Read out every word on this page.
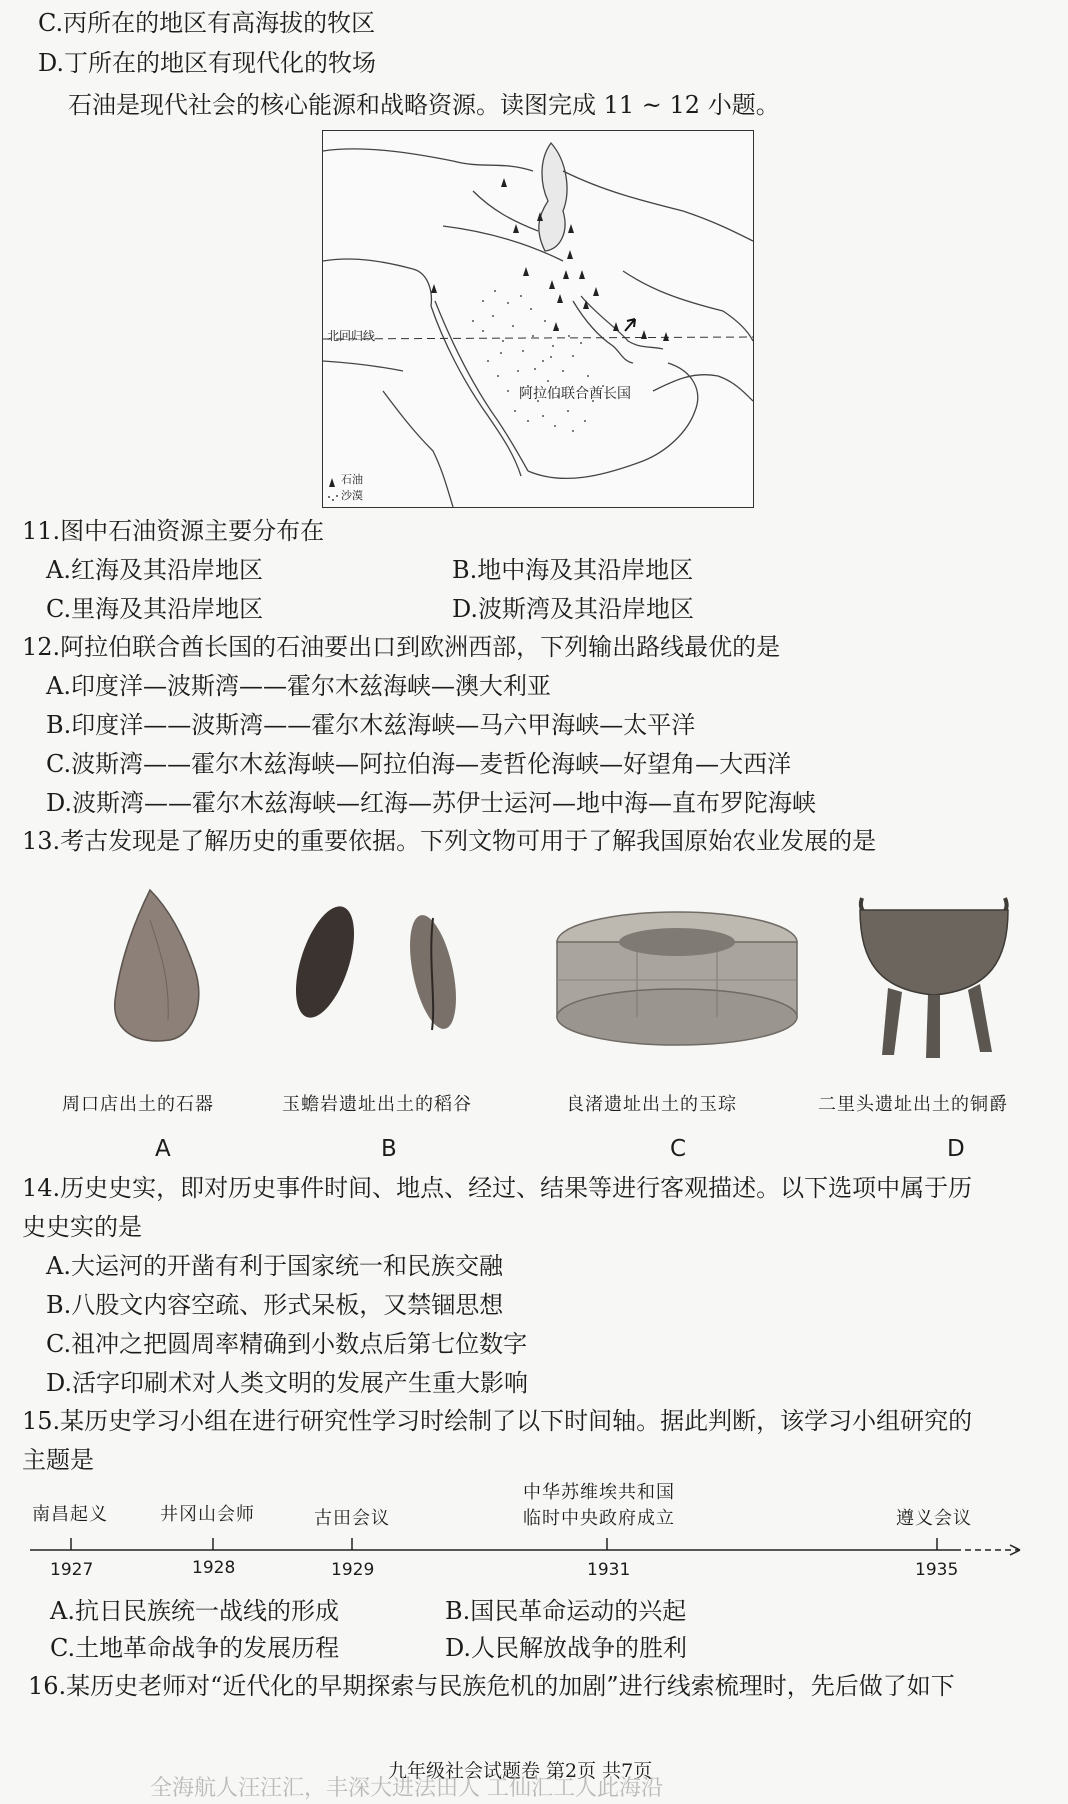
C.丙所在的地区有高海拔的牧区
D.丁所在的地区有现代化的牧场
石油是现代社会的核心能源和战略资源。读图完成 11 ~ 12 小题。
北回归线
阿拉伯联合酋长国
石油
沙漠
11.图中石油资源主要分布在
A.红海及其沿岸地区	B.地中海及其沿岸地区
C.里海及其沿岸地区	D.波斯湾及其沿岸地区
12.阿拉伯联合酋长国的石油要出口到欧洲西部，下列输出路线最优的是
A.印度洋—波斯湾——霍尔木兹海峡—澳大利亚
B.印度洋——波斯湾——霍尔木兹海峡—马六甲海峡—太平洋
C.波斯湾——霍尔木兹海峡—阿拉伯海—麦哲伦海峡—好望角—大西洋
D.波斯湾——霍尔木兹海峡—红海—苏伊士运河—地中海—直布罗陀海峡
13.考古发现是了解历史的重要依据。下列文物可用于了解我国原始农业发展的是
周口店出土的石器	玉蟾岩遗址出土的稻谷	良渚遗址出土的玉琮	二里头遗址出土的铜爵
A	B	C	D
14.历史史实，即对历史事件时间、地点、经过、结果等进行客观描述。以下选项中属于历
史史实的是
A.大运河的开凿有利于国家统一和民族交融
B.八股文内容空疏、形式呆板，又禁锢思想
C.祖冲之把圆周率精确到小数点后第七位数字
D.活字印刷术对人类文明的发展产生重大影响
15.某历史学习小组在进行研究性学习时绘制了以下时间轴。据此判断，该学习小组研究的
主题是
南昌起义	井冈山会师	古田会议
中华苏维埃共和国
临时中央政府成立	遵义会议
1927	1928	1929	1931	1935
A.抗日民族统一战线的形成	B.国民革命运动的兴起
C.土地革命战争的发展历程	D.人民解放战争的胜利
16.某历史老师对“近代化的早期探索与民族危机的加剧”进行线索梳理时，先后做了如下
九年级社会试题卷 第2页 共7页
全海航人汪汪汇，丰深大进法田人 工仙汇工人此海沿
